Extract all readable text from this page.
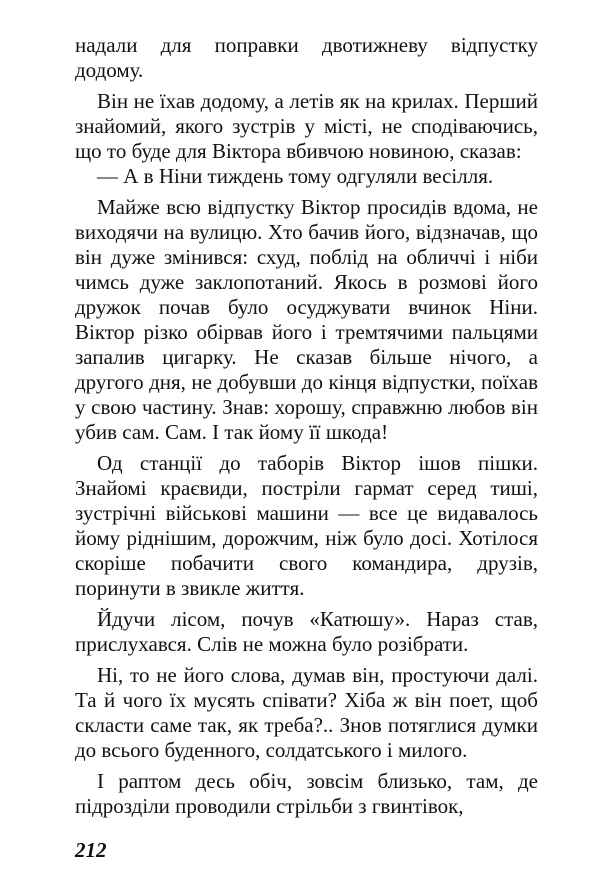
надали для поправки двотижневу відпустку додому.

Він не їхав додому, а летів як на крилах. Перший знайомий, якого зустрів у місті, не сподіваючись, що то буде для Віктора вбивчою новиною, сказав:

— А в Ніни тиждень тому одгуляли весілля.

Майже всю відпустку Віктор просидів вдома, не виходячи на вулицю. Хто бачив його, відзначав, що він дуже змінився: схуд, поблід на обличчі і ніби чимсь дуже заклопотаний. Якось в розмові його дружок почав було осуджувати вчинок Ніни. Віктор різко обірвав його і тремтячими пальцями запалив цигарку. Не сказав більше нічого, а другого дня, не добувши до кінця відпустки, поїхав у свою частину. Знав: хорошу, справжню любов він убив сам. Сам. І так йому її шкода!

Од станції до таборів Віктор ішов пішки. Знайомі краєвиди, постріли гармат серед тиші, зустрічні військові машини — все це видавалось йому ріднішим, дорожчим, ніж було досі. Хотілося скоріше побачити свого командира, друзів, поринути в звикле життя.

Йдучи лісом, почув «Катюшу». Нараз став, прислухався. Слів не можна було розібрати.

Ні, то не його слова, думав він, простуючи далі. Та й чого їх мусять співати? Хіба ж він поет, щоб скласти саме так, як треба?.. Знов потяглися думки до всього буденного, солдатського і милого.

І раптом десь обіч, зовсім близько, там, де підрозділи проводили стрільби з гвинтівок,

212
